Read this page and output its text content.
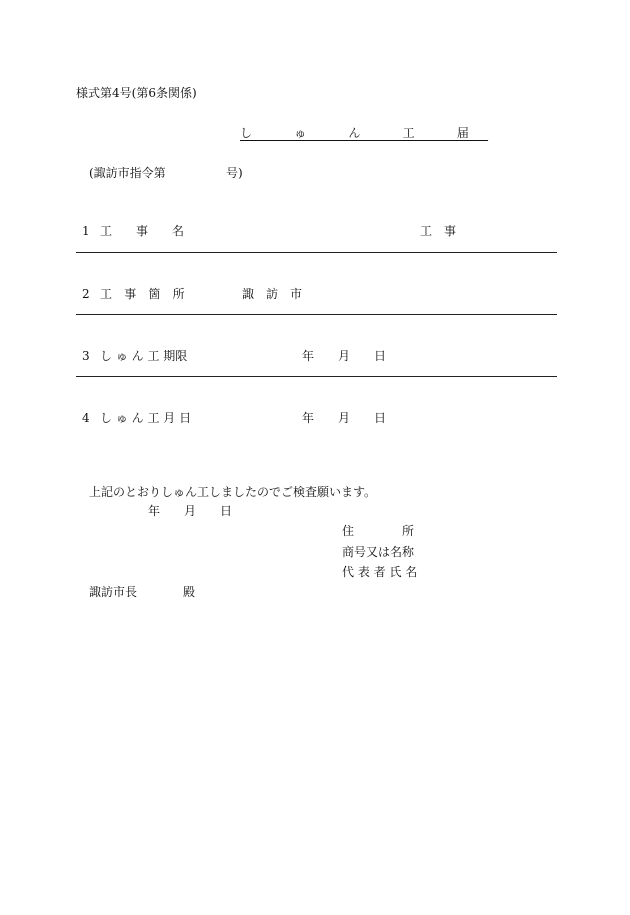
様式第4号(第6条関係)
し ゅ ん 工 届
(諏訪市指令第	号)
1 工　事　名	工　事
2 工 事 箇 所	諏　訪　市
3 し ゅ ん 工 期限	年　　月　　日
4 し ゅ ん 工 月 日	年　　月　　日
上記のとおりしゅん工しましたのでご検査願います。
年　　月　　日
住　　　　所
商号又は名称
代 表 者 氏 名
諏訪市長	殿
